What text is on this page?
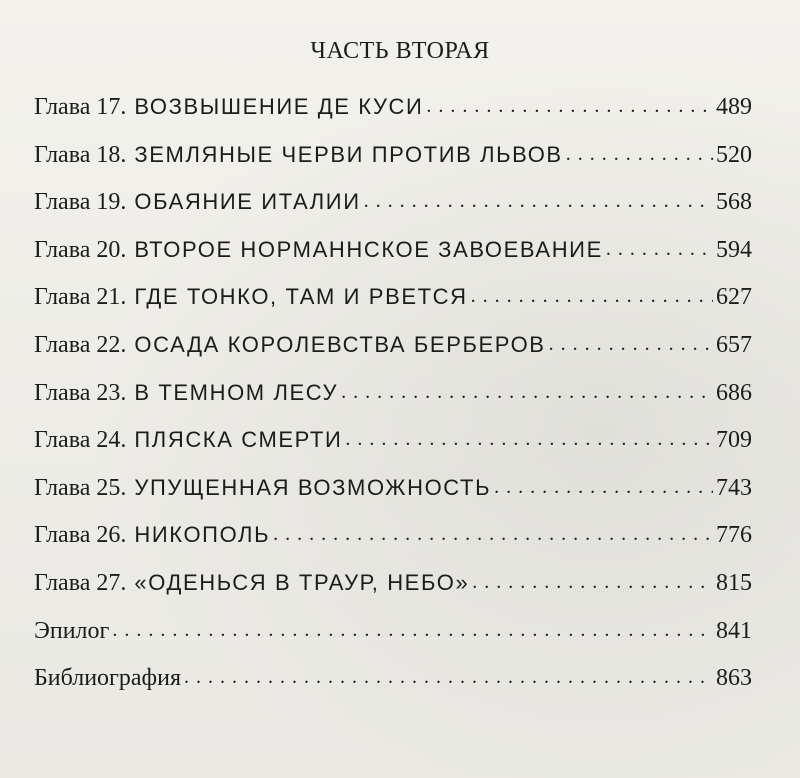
ЧАСТЬ ВТОРАЯ
Глава 17. ВОЗВЫШЕНИЕ ДЕ КУСИ . . .	489
Глава 18. ЗЕМЛЯНЫЕ ЧЕРВИ ПРОТИВ ЛЬВОВ . . .	520
Глава 19. ОБАЯНИЕ ИТАЛИИ . . .	568
Глава 20. ВТОРОЕ НОРМАННСКОЕ ЗАВОЕВАНИЕ . . .	594
Глава 21. ГДЕ ТОНКО, ТАМ И РВЕТСЯ . . .	627
Глава 22. ОСАДА КОРОЛЕВСТВА БЕРБЕРОВ . . .	657
Глава 23. В ТЕМНОМ ЛЕСУ . . .	686
Глава 24. ПЛЯСКА СМЕРТИ . . .	709
Глава 25. УПУЩЕННАЯ ВОЗМОЖНОСТЬ . . .	743
Глава 26. НИКОПОЛЬ . . .	776
Глава 27. «ОДЕНЬСЯ В ТРАУР, НЕБО» . . .	815
Эпилог . . .	841
Библиография . . .	863
